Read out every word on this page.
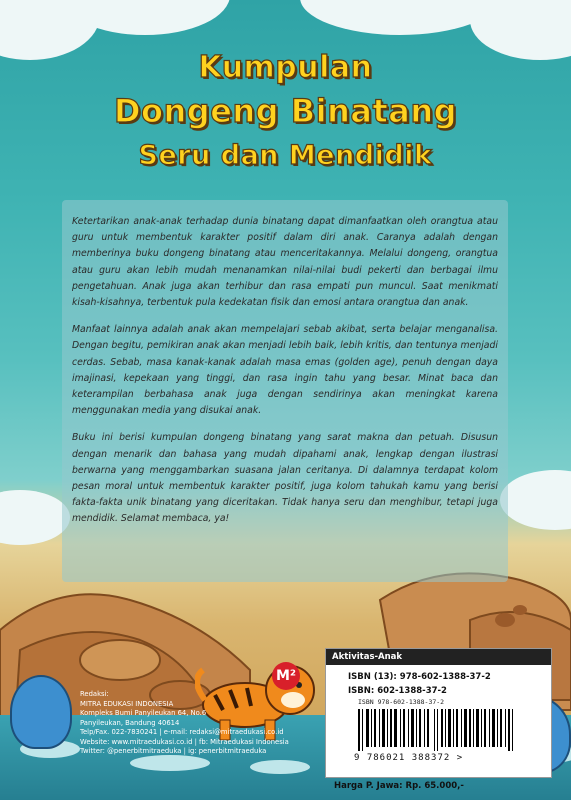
Kumpulan
Dongeng Binatang
Seru dan Mendidik

Ketertarikan anak-anak terhadap dunia binatang dapat dimanfaatkan oleh orangtua atau guru untuk membentuk karakter positif dalam diri anak. Caranya adalah dengan memberinya buku dongeng binatang atau menceritakannya. Melalui dongeng, orangtua atau guru akan lebih mudah menanamkan nilai-nilai budi pekerti dan berbagai ilmu pengetahuan. Anak juga akan terhibur dan rasa empati pun muncul. Saat menikmati kisah-kisahnya, terbentuk pula kedekatan fisik dan emosi antara orangtua dan anak.

Manfaat lainnya adalah anak akan mempelajari sebab akibat, serta belajar menganalisa. Dengan begitu, pemikiran anak akan menjadi lebih baik, lebih kritis, dan tentunya menjadi cerdas. Sebab, masa kanak-kanak adalah masa emas (golden age), penuh dengan daya imajinasi, kepekaan yang tinggi, dan rasa ingin tahu yang besar. Minat baca dan keterampilan berbahasa anak juga dengan sendirinya akan meningkat karena menggunakan media yang disukai anak.

Buku ini berisi kumpulan dongeng binatang yang sarat makna dan petuah. Disusun dengan menarik dan bahasa yang mudah dipahami anak, lengkap dengan ilustrasi berwarna yang menggambarkan suasana jalan ceritanya. Di dalamnya terdapat kolom pesan moral untuk membentuk karakter positif, juga kolom tahukah kamu yang berisi fakta-fakta unik binatang yang diceritakan. Tidak hanya seru dan menghibur, tetapi juga mendidik. Selamat membaca, ya!

M²
Redaksi:
MITRA EDUKASI INDONESIA
Kompleks Bumi Panyileukan 64, No.6
Panyileukan, Bandung 40614
Telp/Fax. 022-7830241 | e-mail: redaksi@mitraedukasi.co.id
Website: www.mitraedukasi.co.id | fb: Mitraedukasi Indonesia
Twitter: @penerbitmitraeduka | ig: penerbitmitraeduka
Aktivitas-Anak
ISBN (13): 978-602-1388-37-2
ISBN: 602-1388-37-2
ISBN 978-602-1388-37-2
9 786021 388372 >
Harga P. Jawa: Rp. 65.000,-
